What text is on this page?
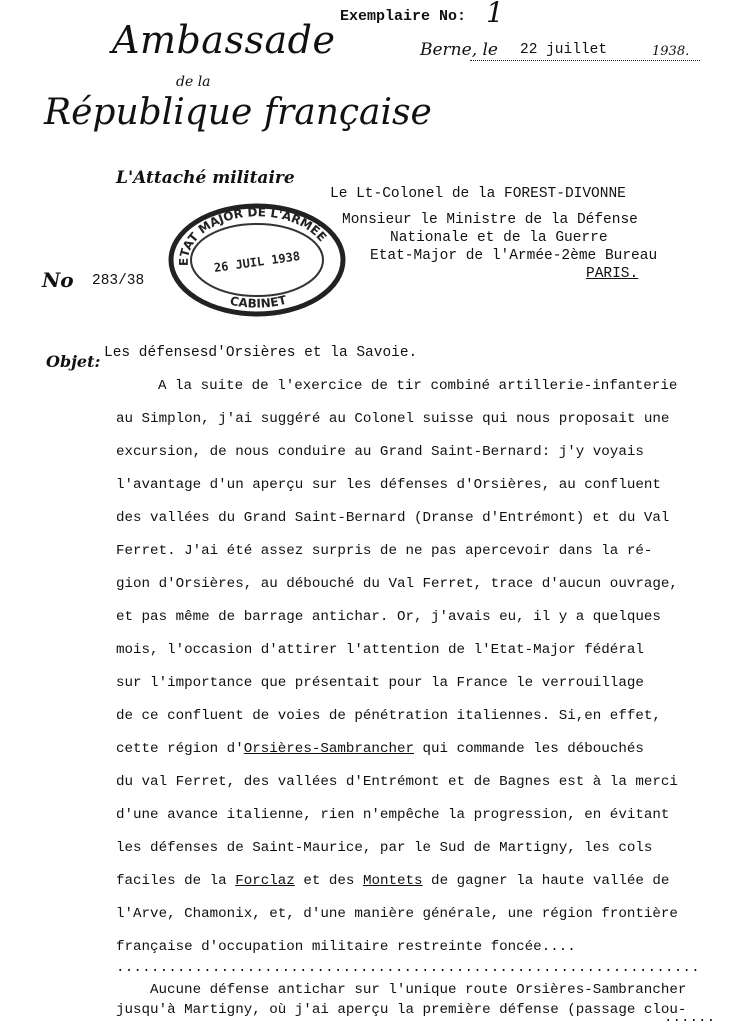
Ambassade
de la
République française
L'Attaché militaire
No
Exemplaire No: 1
Berne, le 22 juillet	1938.
Le Lt-Colonel de la FOREST-DIVONNE
Monsieur le Ministre de la Défense
Nationale et de la Guerre
Etat-Major de l'Armée-2ème Bureau
PARIS.
283/38
ETAT MAJOR DE L'ARMÉE
26 JUIL 1938
CABINET
Objet: Les défensesd'Orsières et la Savoie.
A la suite de l'exercice de tir combiné artillerie-infanterie
au Simplon, j'ai suggéré au Colonel suisse qui nous proposait une
excursion, de nous conduire au Grand Saint-Bernard: j'y voyais
l'avantage d'un aperçu sur les défenses d'Orsières, au confluent
des vallées du Grand Saint-Bernard (Dranse d'Entrémont) et du Val
Ferret. J'ai été assez surpris de ne pas apercevoir dans la ré-
gion d'Orsières, au débouché du Val Ferret, trace d'aucun ouvrage,
et pas même de barrage antichar. Or, j'avais eu, il y a quelques
mois, l'occasion d'attirer l'attention de l'Etat-Major fédéral
sur l'importance que présentait pour la France le verrouillage
de ce confluent de voies de pénétration italiennes. Si,en effet,
cette région d'Orsières-Sambrancher qui commande les débouchés
du val Ferret, des vallées d'Entrémont et de Bagnes est à la merci
d'une avance italienne, rien n'empêche la progression, en évitant
les défenses de Saint-Maurice, par le Sud de Martigny, les cols
faciles de la Forclaz et des Montets de gagner la haute vallée de
l'Arve, Chamonix, et, d'une manière générale, une région frontière
française d'occupation militaire restreinte foncée....
...................................................................
Aucune défense antichar sur l'unique route Orsières-Sambrancher
jusqu'à Martigny, où j'ai aperçu la première défense (passage clou-
......
